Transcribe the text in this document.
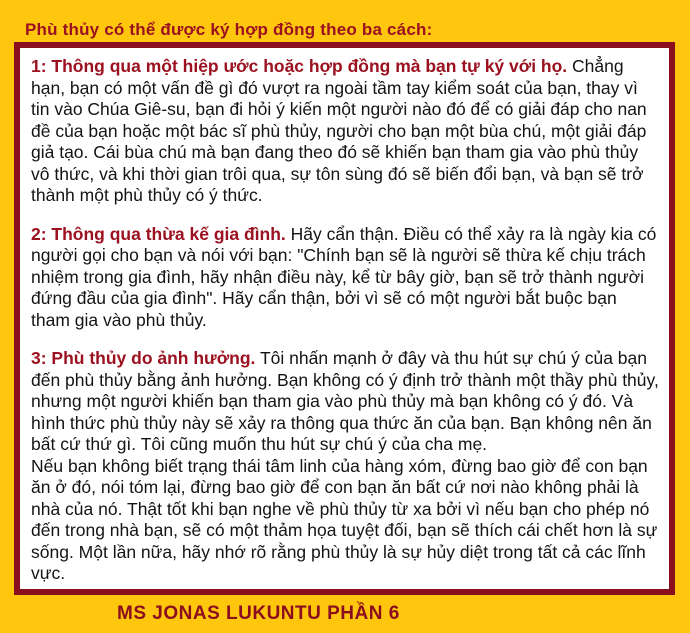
Phù thủy có thể được ký hợp đồng theo ba cách:

1: Thông qua một hiệp ước hoặc hợp đồng mà bạn tự ký với họ. Chẳng hạn, bạn có một vấn đề gì đó vượt ra ngoài tầm tay kiểm soát của bạn, thay vì tin vào Chúa Giê-su, bạn đi hỏi ý kiến một người nào đó để có giải đáp cho nan đề của bạn hoặc một bác sĩ phù thủy, người cho bạn một bùa chú, một giải đáp giả tạo. Cái bùa chú mà bạn đang theo đó sẽ khiến bạn tham gia vào phù thủy vô thức, và khi thời gian trôi qua, sự tôn sùng đó sẽ biến đổi bạn, và bạn sẽ trở thành một phù thủy có ý thức.

2: Thông qua thừa kế gia đình. Hãy cẩn thận. Điều có thể xảy ra là ngày kia có người gọi cho bạn và nói với bạn: "Chính bạn sẽ là người sẽ thừa kế chịu trách nhiệm trong gia đình, hãy nhận điều này, kể từ bây giờ, bạn sẽ trở thành người đứng đầu của gia đình". Hãy cẩn thận, bởi vì sẽ có một người bắt buộc bạn tham gia vào phù thủy.

3: Phù thủy do ảnh hưởng. Tôi nhấn mạnh ở đây và thu hút sự chú ý của bạn đến phù thủy bằng ảnh hưởng. Bạn không có ý định trở thành một thầy phù thủy, nhưng một người khiến bạn tham gia vào phù thủy mà bạn không có ý đó. Và hình thức phù thủy này sẽ xảy ra thông qua thức ăn của bạn. Bạn không nên ăn bất cứ thứ gì. Tôi cũng muốn thu hút sự chú ý của cha mẹ.
Nếu bạn không biết trạng thái tâm linh của hàng xóm, đừng bao giờ để con bạn ăn ở đó, nói tóm lại, đừng bao giờ để con bạn ăn bất cứ nơi nào không phải là nhà của nó. Thật tốt khi bạn nghe về phù thủy từ xa bởi vì nếu bạn cho phép nó đến trong nhà bạn, sẽ có một thảm họa tuyệt đối, bạn sẽ thích cái chết hơn là sự sống. Một lần nữa, hãy nhớ rõ rằng phù thủy là sự hủy diệt trong tất cả các lĩnh vực.

MS JONAS LUKUNTU PHẦN 6
